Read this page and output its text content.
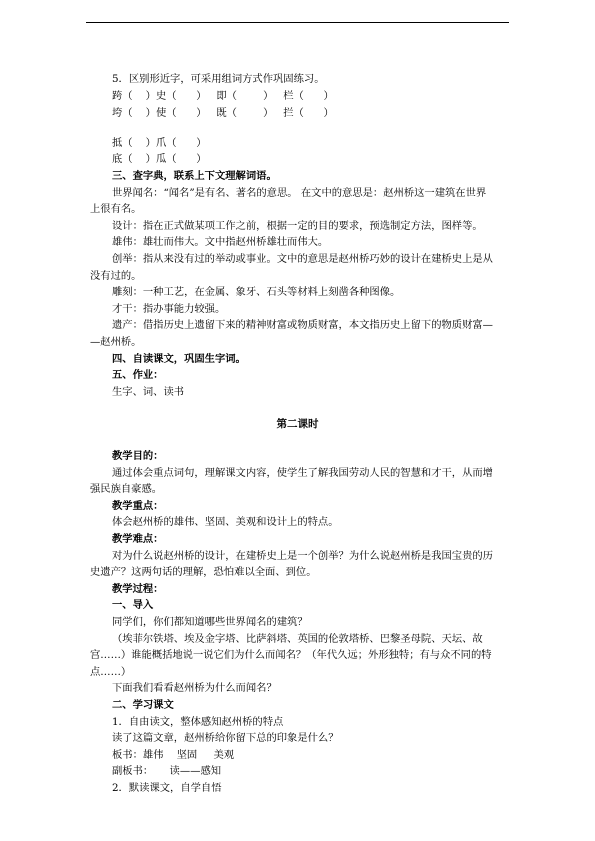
5．区别形近字，可采用组词方式作巩固练习。
跨（    ）史（      ）   即（        ）   栏（      ）
垮（    ）使（      ）   既（        ）   拦（      ）
抵（    ）爪（      ）
底（    ）瓜（      ）
三、查字典，联系上下文理解词语。
世界闻名：“闻名”是有名、著名的意思。 在文中的意思是：赵州桥这一建筑在世界
上很有名。
设计：指在正式做某项工作之前，根据一定的目的要求，预选制定方法，图样等。
雄伟：雄壮而伟大。文中指赵州桥雄壮而伟大。
创举：指从来没有过的举动或事业。文中的意思是赵州桥巧妙的设计在建桥史上是从
没有过的。
雕刻：一种工艺，在金属、象牙、石头等材料上刻凿各种图像。
才干：指办事能力较强。
遗产：借指历史上遗留下来的精神财富或物质财富，本文指历史上留下的物质财富—
—赵州桥。
四、自读课文，巩固生字词。
五、作业：
生字、词、读书
第二课时
教学目的：
通过体会重点词句，理解课文内容，使学生了解我国劳动人民的智慧和才干，从而增
强民族自豪感。
教学重点：
体会赵州桥的雄伟、坚固、美观和设计上的特点。
教学难点：
对为什么说赵州桥的设计，在建桥史上是一个创举？为什么说赵州桥是我国宝贵的历
史遗产？这两句话的理解，恐怕难以全面、到位。
教学过程：
一、导入
同学们，你们都知道哪些世界闻名的建筑？
（埃菲尔铁塔、埃及金字塔、比萨斜塔、英国的伦敦塔桥、巴黎圣母院、天坛、故
宫……）谁能概括地说一说它们为什么而闻名？（年代久远；外形独特；有与众不同的特
点……）
下面我们看看赵州桥为什么而闻名？
二、学习课文
1．自由读文，整体感知赵州桥的特点
读了这篇文章，赵州桥给你留下总的印象是什么？
板书：雄伟    坚固     美观
副板书：     读——感知
2．默读课文，自学自悟
